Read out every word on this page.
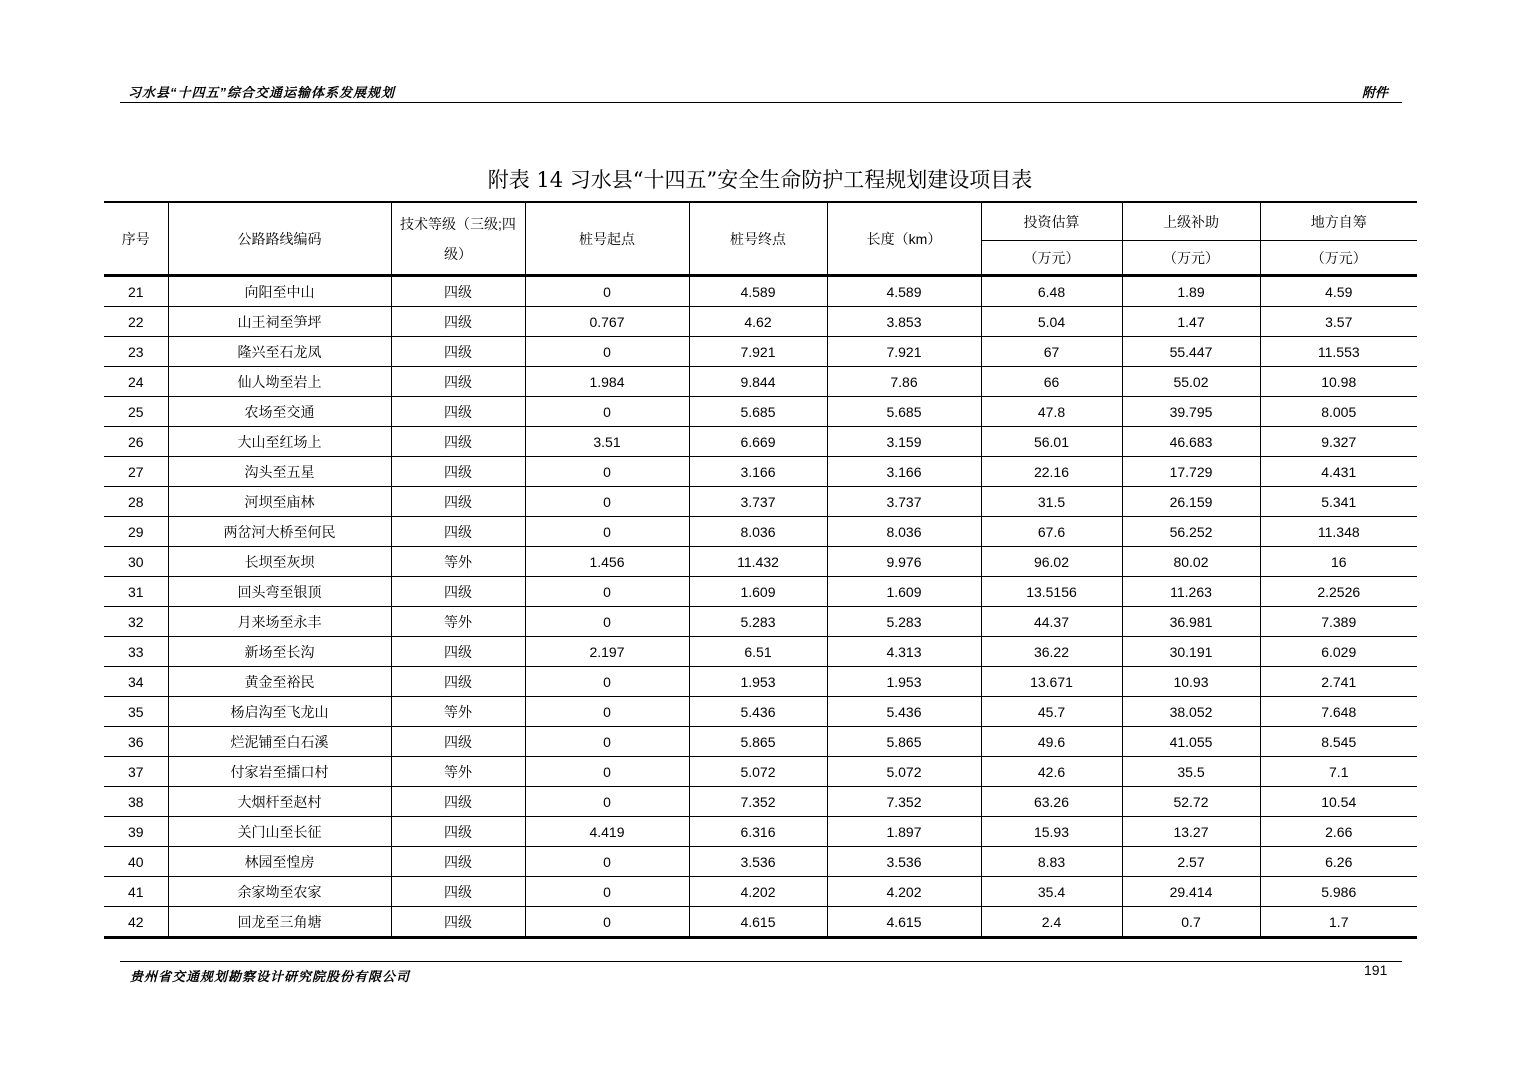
习水县“十四五”综合交通运输体系发展规划	附件
附表 14 习水县“十四五”安全生命防护工程规划建设项目表
序号	公路路线编码	技术等级（三级;四级）	桩号起点	桩号终点	长度（km）	投资估算	上级补助	地方自筹
						（万元）	（万元）	（万元）
21	向阳至中山	四级	0	4.589	4.589	6.48	1.89	4.59
22	山王祠至笋坪	四级	0.767	4.62	3.853	5.04	1.47	3.57
23	隆兴至石龙凤	四级	0	7.921	7.921	67	55.447	11.553
24	仙人坳至岩上	四级	1.984	9.844	7.86	66	55.02	10.98
25	农场至交通	四级	0	5.685	5.685	47.8	39.795	8.005
26	大山至红场上	四级	3.51	6.669	3.159	56.01	46.683	9.327
27	沟头至五星	四级	0	3.166	3.166	22.16	17.729	4.431
28	河坝至庙林	四级	0	3.737	3.737	31.5	26.159	5.341
29	两岔河大桥至何民	四级	0	8.036	8.036	67.6	56.252	11.348
30	长坝至灰坝	等外	1.456	11.432	9.976	96.02	80.02	16
31	回头弯至银顶	四级	0	1.609	1.609	13.5156	11.263	2.2526
32	月来场至永丰	等外	0	5.283	5.283	44.37	36.981	7.389
33	新场至长沟	四级	2.197	6.51	4.313	36.22	30.191	6.029
34	黄金至裕民	四级	0	1.953	1.953	13.671	10.93	2.741
35	杨启沟至飞龙山	等外	0	5.436	5.436	45.7	38.052	7.648
36	烂泥铺至白石溪	四级	0	5.865	5.865	49.6	41.055	8.545
37	付家岩至擂口村	等外	0	5.072	5.072	42.6	35.5	7.1
38	大烟杆至赵村	四级	0	7.352	7.352	63.26	52.72	10.54
39	关门山至长征	四级	4.419	6.316	1.897	15.93	13.27	2.66
40	林园至惶房	四级	0	3.536	3.536	8.83	2.57	6.26
41	余家坳至农家	四级	0	4.202	4.202	35.4	29.414	5.986
42	回龙至三角塘	四级	0	4.615	4.615	2.4	0.7	1.7
贵州省交通规划勘察设计研究院股份有限公司	191
